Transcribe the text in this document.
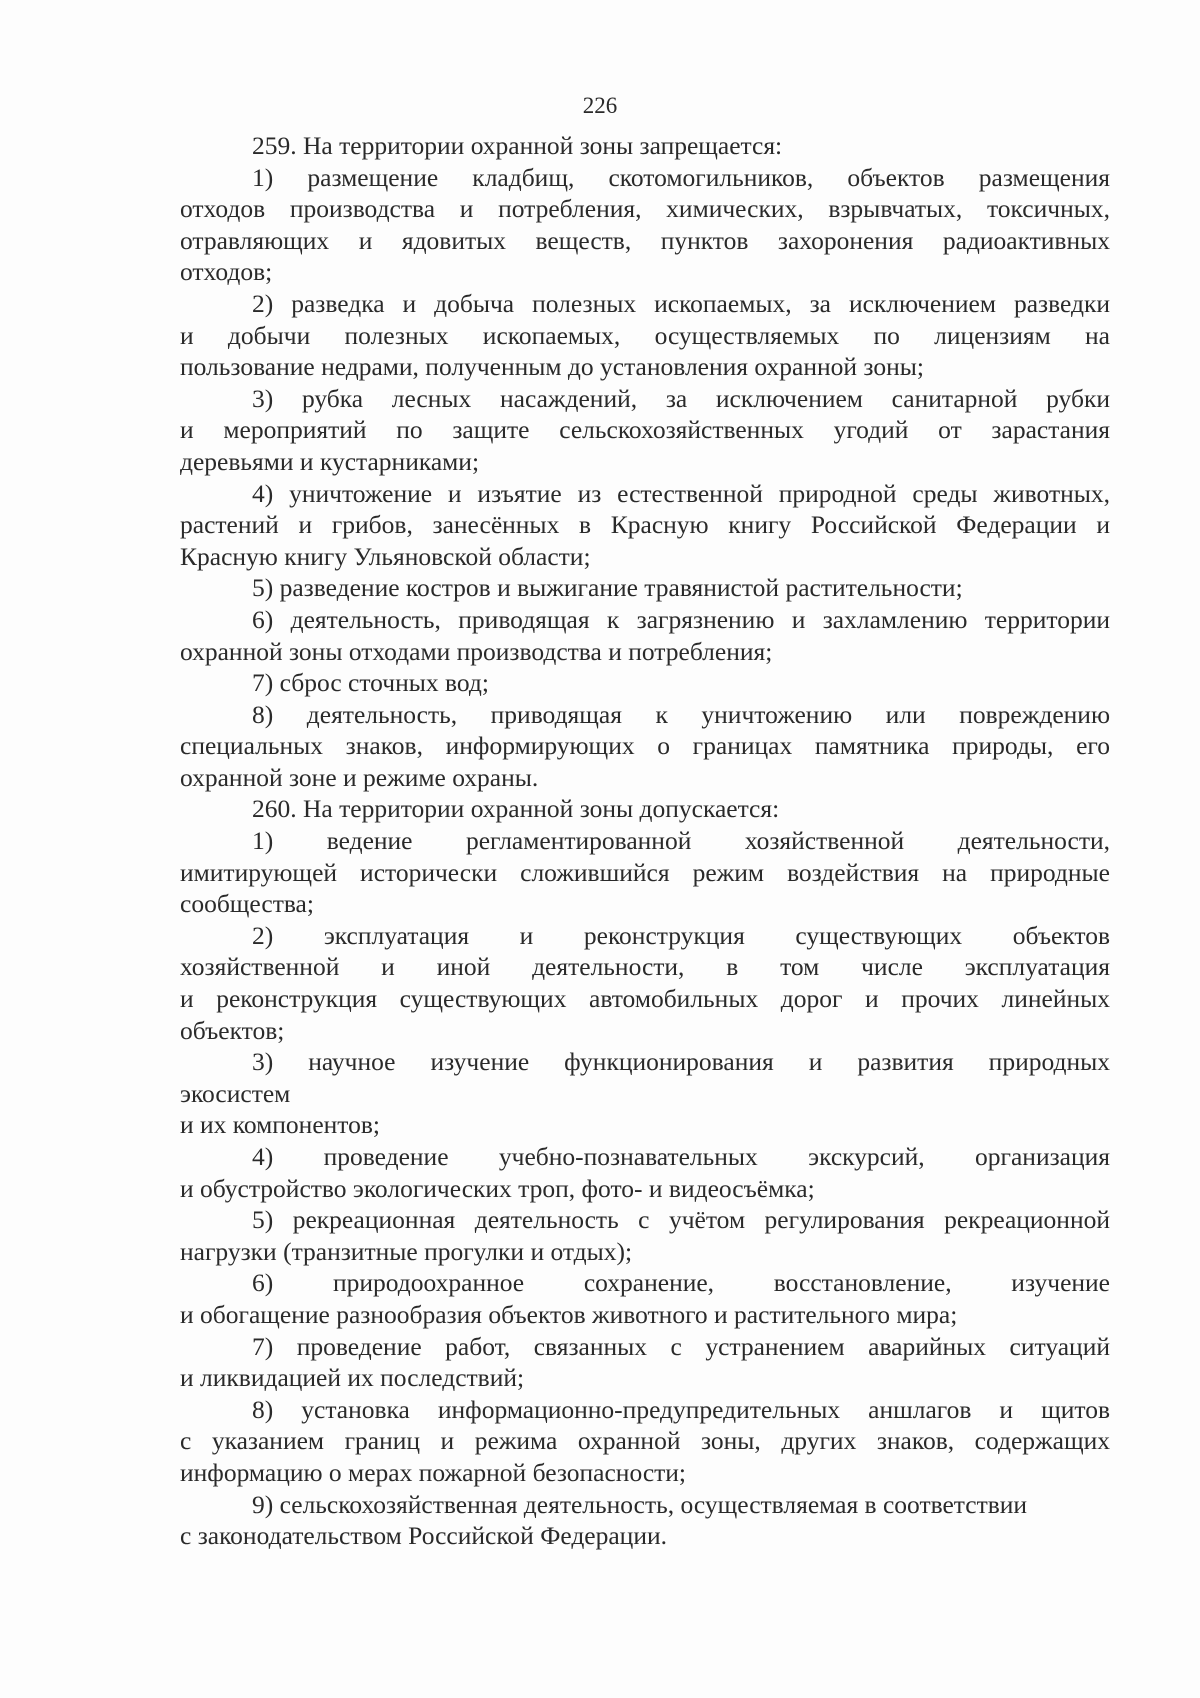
226
259. На территории охранной зоны запрещается:
1) размещение кладбищ, скотомогильников, объектов размещения
отходов производства и потребления, химических, взрывчатых, токсичных,
отравляющих и ядовитых веществ, пунктов захоронения радиоактивных
отходов;
2) разведка и добыча полезных ископаемых, за исключением разведки
и добычи полезных ископаемых, осуществляемых по лицензиям на
пользование недрами, полученным до установления охранной зоны;
3) рубка лесных насаждений, за исключением санитарной рубки
и мероприятий по защите сельскохозяйственных угодий от зарастания
деревьями и кустарниками;
4) уничтожение и изъятие из естественной природной среды животных,
растений и грибов, занесённых в Красную книгу Российской Федерации и
Красную книгу Ульяновской области;
5) разведение костров и выжигание травянистой растительности;
6) деятельность, приводящая к загрязнению и захламлению территории
охранной зоны отходами производства и потребления;
7) сброс сточных вод;
8) деятельность, приводящая к уничтожению или повреждению
специальных знаков, информирующих о границах памятника природы, его
охранной зоне и режиме охраны.
260. На территории охранной зоны допускается:
1) ведение регламентированной хозяйственной деятельности,
имитирующей исторически сложившийся режим воздействия на природные
сообщества;
2) эксплуатация и реконструкция существующих объектов
хозяйственной и иной деятельности, в том числе эксплуатация
и реконструкция существующих автомобильных дорог и прочих линейных
объектов;
3) научное изучение функционирования и развития природных
экосистем
и их компонентов;
4) проведение учебно-познавательных экскурсий, организация
и обустройство экологических троп, фото- и видеосъёмка;
5) рекреационная деятельность с учётом регулирования рекреационной
нагрузки (транзитные прогулки и отдых);
6) природоохранное сохранение, восстановление, изучение
и обогащение разнообразия объектов животного и растительного мира;
7) проведение работ, связанных с устранением аварийных ситуаций
и ликвидацией их последствий;
8) установка информационно-предупредительных аншлагов и щитов
с указанием границ и режима охранной зоны, других знаков, содержащих
информацию о мерах пожарной безопасности;
9) сельскохозяйственная деятельность, осуществляемая в соответствии
с законодательством Российской Федерации.
